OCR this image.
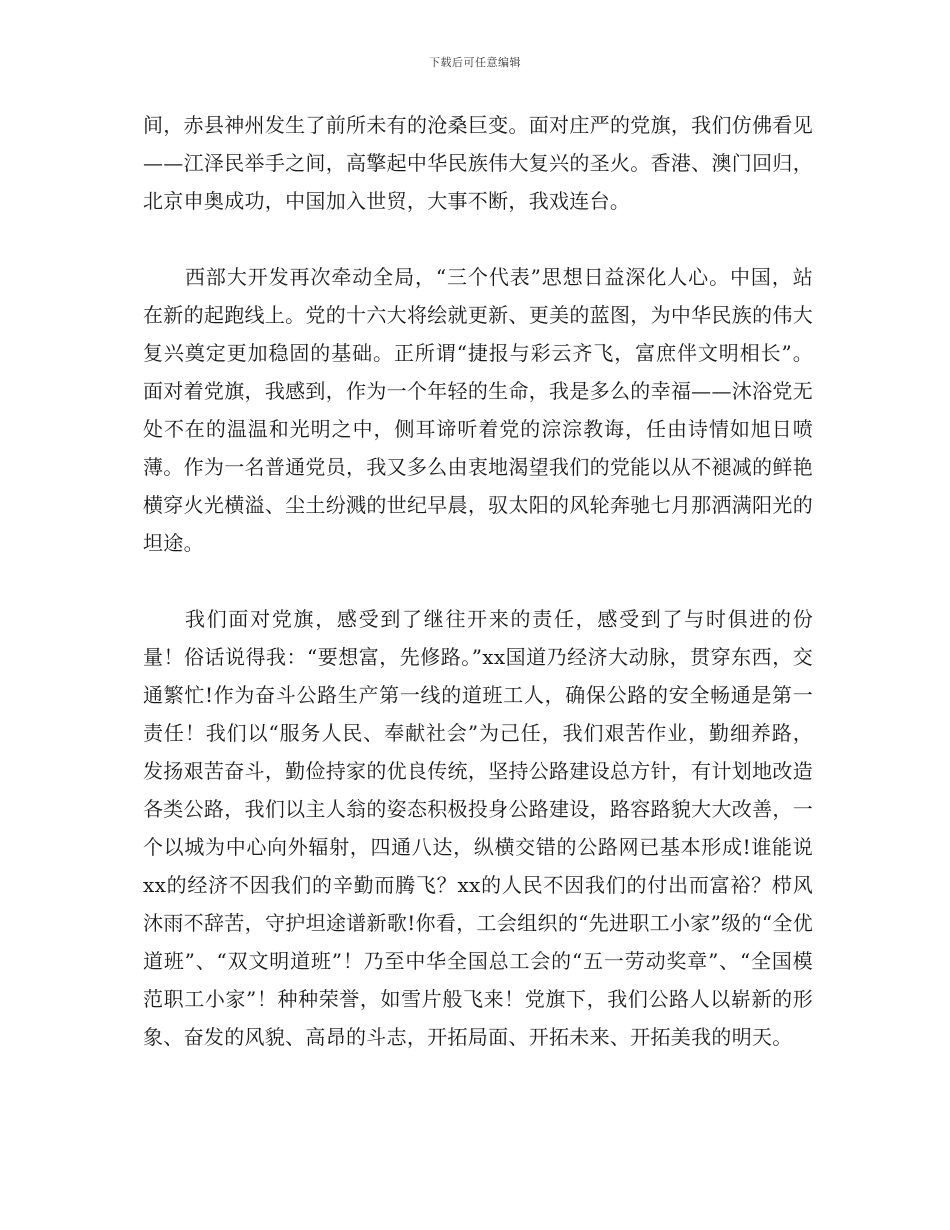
下载后可任意编辑

间，赤县神州发生了前所未有的沧桑巨变。面对庄严的党旗，我们仿佛看见——江泽民举手之间，高擎起中华民族伟大复兴的圣火。香港、澳门回归，北京申奥成功，中国加入世贸，大事不断，我戏连台。

西部大开发再次牵动全局，“三个代表”思想日益深化人心。中国，站在新的起跑线上。党的十六大将绘就更新、更美的蓝图，为中华民族的伟大复兴奠定更加稳固的基础。正所谓“捷报与彩云齐飞，富庶伴文明相长”。面对着党旗，我感到，作为一个年轻的生命，我是多么的幸福——沐浴党无处不在的温温和光明之中，侧耳谛听着党的淙淙教诲，任由诗情如旭日喷薄。作为一名普通党员，我又多么由衷地渴望我们的党能以从不褪减的鲜艳横穿火光横溢、尘土纷溅的世纪早晨，驭太阳的风轮奔驰七月那洒满阳光的坦途。

我们面对党旗，感受到了继往开来的责任，感受到了与时俱进的份量！俗话说得我：“要想富，先修路。”xx国道乃经济大动脉，贯穿东西，交通繁忙!作为奋斗公路生产第一线的道班工人，确保公路的安全畅通是第一责任！我们以“服务人民、奉献社会”为己任，我们艰苦作业，勤细养路，发扬艰苦奋斗，勤俭持家的优良传统，坚持公路建设总方针，有计划地改造各类公路，我们以主人翁的姿态积极投身公路建设，路容路貌大大改善，一个以城为中心向外辐射，四通八达，纵横交错的公路网已基本形成!谁能说xx的经济不因我们的辛勤而腾飞？xx的人民不因我们的付出而富裕？栉风沐雨不辞苦，守护坦途谱新歌!你看，工会组织的“先进职工小家”级的“全优道班”、“双文明道班”！乃至中华全国总工会的“五一劳动奖章”、“全国模范职工小家”！种种荣誉，如雪片般飞来！党旗下，我们公路人以崭新的形象、奋发的风貌、高昂的斗志，开拓局面、开拓未来、开拓美我的明天。
